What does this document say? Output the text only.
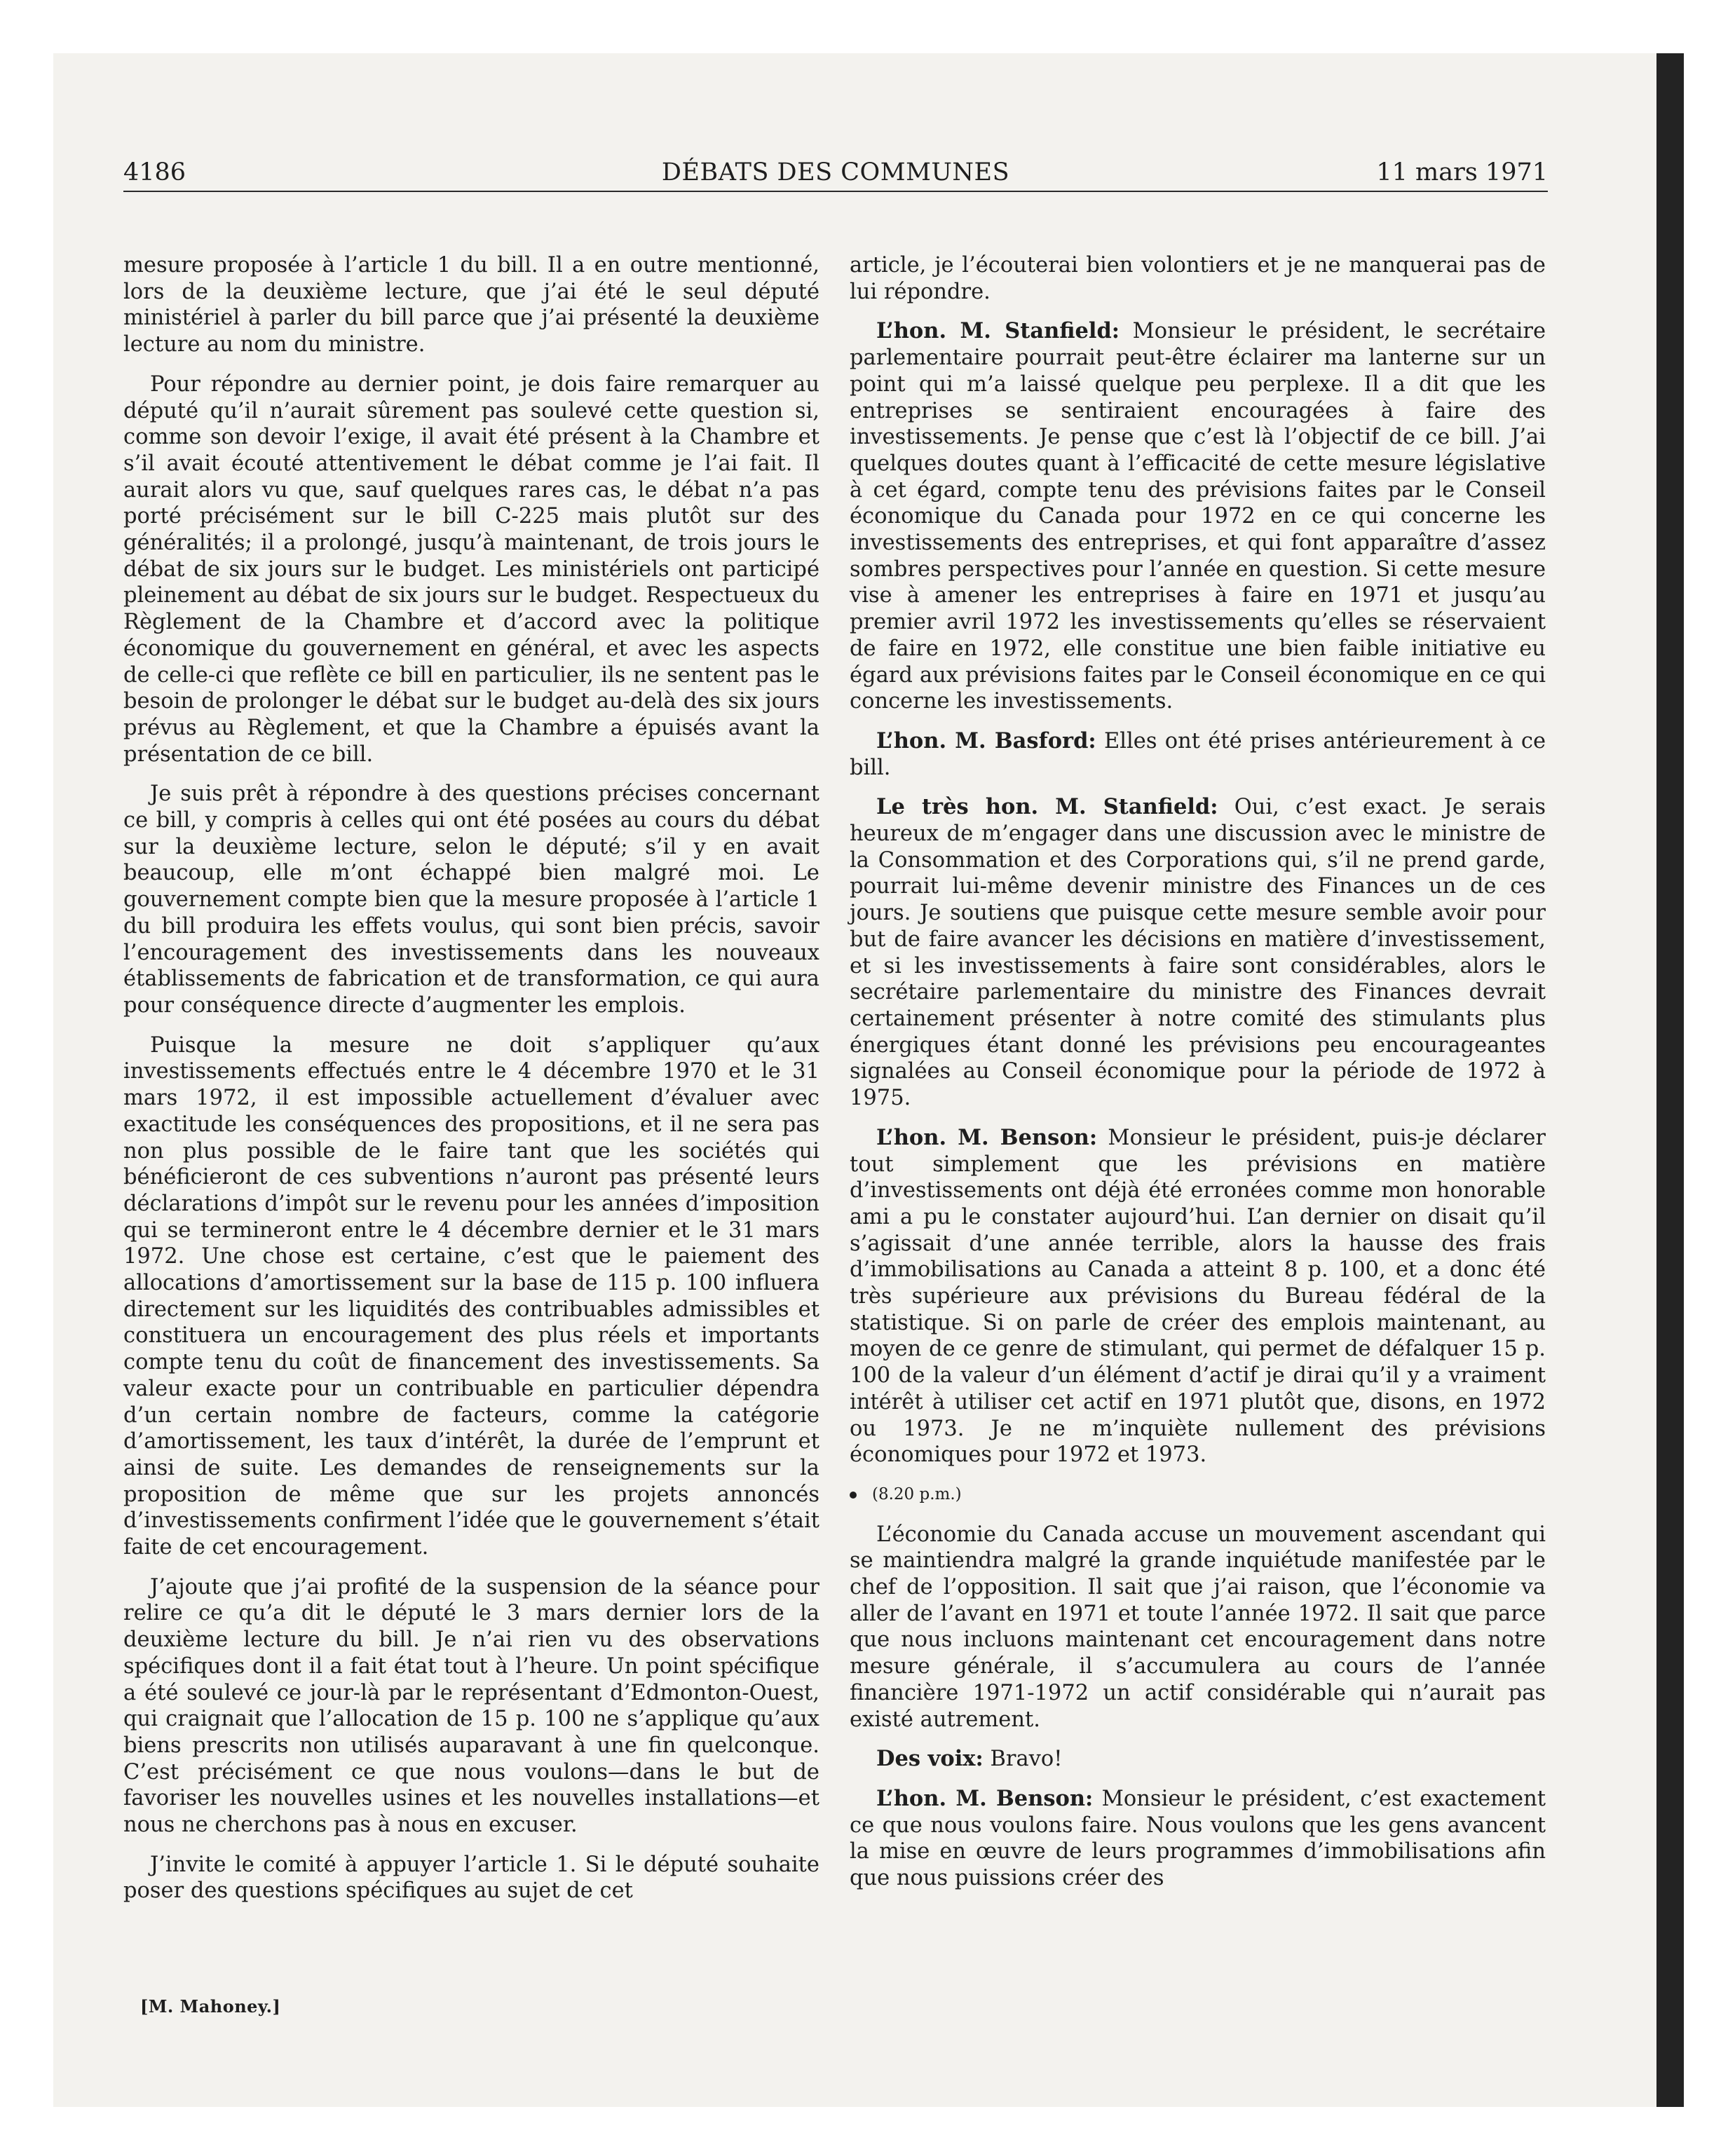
4186	DÉBATS DES COMMUNES	11 mars 1971

mesure proposée à l’article 1 du bill. Il a en outre mentionné, lors de la deuxième lecture, que j’ai été le seul député ministériel à parler du bill parce que j’ai présenté la deuxième lecture au nom du ministre.

Pour répondre au dernier point, je dois faire remarquer au député qu’il n’aurait sûrement pas soulevé cette question si, comme son devoir l’exige, il avait été présent à la Chambre et s’il avait écouté attentivement le débat comme je l’ai fait. Il aurait alors vu que, sauf quelques rares cas, le débat n’a pas porté précisément sur le bill C-225 mais plutôt sur des généralités; il a prolongé, jusqu’à maintenant, de trois jours le débat de six jours sur le budget. Les ministériels ont participé pleinement au débat de six jours sur le budget. Respectueux du Règlement de la Chambre et d’accord avec la politique économique du gouvernement en général, et avec les aspects de celle-ci que reflète ce bill en particulier, ils ne sentent pas le besoin de prolonger le débat sur le budget au-delà des six jours prévus au Règlement, et que la Chambre a épuisés avant la présentation de ce bill.

Je suis prêt à répondre à des questions précises concernant ce bill, y compris à celles qui ont été posées au cours du débat sur la deuxième lecture, selon le député; s’il y en avait beaucoup, elle m’ont échappé bien malgré moi. Le gouvernement compte bien que la mesure proposée à l’article 1 du bill produira les effets voulus, qui sont bien précis, savoir l’encouragement des investissements dans les nouveaux établissements de fabrication et de transformation, ce qui aura pour conséquence directe d’augmenter les emplois.

Puisque la mesure ne doit s’appliquer qu’aux investissements effectués entre le 4 décembre 1970 et le 31 mars 1972, il est impossible actuellement d’évaluer avec exactitude les conséquences des propositions, et il ne sera pas non plus possible de le faire tant que les sociétés qui bénéficieront de ces subventions n’auront pas présenté leurs déclarations d’impôt sur le revenu pour les années d’imposition qui se termineront entre le 4 décembre dernier et le 31 mars 1972. Une chose est certaine, c’est que le paiement des allocations d’amortissement sur la base de 115 p. 100 influera directement sur les liquidités des contribuables admissibles et constituera un encouragement des plus réels et importants compte tenu du coût de financement des investissements. Sa valeur exacte pour un contribuable en particulier dépendra d’un certain nombre de facteurs, comme la catégorie d’amortissement, les taux d’intérêt, la durée de l’emprunt et ainsi de suite. Les demandes de renseignements sur la proposition de même que sur les projets annoncés d’investissements confirment l’idée que le gouvernement s’était faite de cet encouragement.

J’ajoute que j’ai profité de la suspension de la séance pour relire ce qu’a dit le député le 3 mars dernier lors de la deuxième lecture du bill. Je n’ai rien vu des observations spécifiques dont il a fait état tout à l’heure. Un point spécifique a été soulevé ce jour-là par le représentant d’Edmonton-Ouest, qui craignait que l’allocation de 15 p. 100 ne s’applique qu’aux biens prescrits non utilisés auparavant à une fin quelconque. C’est précisément ce que nous voulons—dans le but de favoriser les nouvelles usines et les nouvelles installations—et nous ne cherchons pas à nous en excuser.

J’invite le comité à appuyer l’article 1. Si le député souhaite poser des questions spécifiques au sujet de cet

article, je l’écouterai bien volontiers et je ne manquerai pas de lui répondre.

L’hon. M. Stanfield: Monsieur le président, le secrétaire parlementaire pourrait peut-être éclairer ma lanterne sur un point qui m’a laissé quelque peu perplexe. Il a dit que les entreprises se sentiraient encouragées à faire des investissements. Je pense que c’est là l’objectif de ce bill. J’ai quelques doutes quant à l’efficacité de cette mesure législative à cet égard, compte tenu des prévisions faites par le Conseil économique du Canada pour 1972 en ce qui concerne les investissements des entreprises, et qui font apparaître d’assez sombres perspectives pour l’année en question. Si cette mesure vise à amener les entreprises à faire en 1971 et jusqu’au premier avril 1972 les investissements qu’elles se réservaient de faire en 1972, elle constitue une bien faible initiative eu égard aux prévisions faites par le Conseil économique en ce qui concerne les investissements.

L’hon. M. Basford: Elles ont été prises antérieurement à ce bill.

Le très hon. M. Stanfield: Oui, c’est exact. Je serais heureux de m’engager dans une discussion avec le ministre de la Consommation et des Corporations qui, s’il ne prend garde, pourrait lui-même devenir ministre des Finances un de ces jours. Je soutiens que puisque cette mesure semble avoir pour but de faire avancer les décisions en matière d’investissement, et si les investissements à faire sont considérables, alors le secrétaire parlementaire du ministre des Finances devrait certainement présenter à notre comité des stimulants plus énergiques étant donné les prévisions peu encourageantes signalées au Conseil économique pour la période de 1972 à 1975.

L’hon. M. Benson: Monsieur le président, puis-je déclarer tout simplement que les prévisions en matière d’investissements ont déjà été erronées comme mon honorable ami a pu le constater aujourd’hui. L’an dernier on disait qu’il s’agissait d’une année terrible, alors la hausse des frais d’immobilisations au Canada a atteint 8 p. 100, et a donc été très supérieure aux prévisions du Bureau fédéral de la statistique. Si on parle de créer des emplois maintenant, au moyen de ce genre de stimulant, qui permet de défalquer 15 p. 100 de la valeur d’un élément d’actif je dirai qu’il y a vraiment intérêt à utiliser cet actif en 1971 plutôt que, disons, en 1972 ou 1973. Je ne m’inquiète nullement des prévisions économiques pour 1972 et 1973.

(8.20 p.m.)

L’économie du Canada accuse un mouvement ascendant qui se maintiendra malgré la grande inquiétude manifestée par le chef de l’opposition. Il sait que j’ai raison, que l’économie va aller de l’avant en 1971 et toute l’année 1972. Il sait que parce que nous incluons maintenant cet encouragement dans notre mesure générale, il s’accumulera au cours de l’année financière 1971-1972 un actif considérable qui n’aurait pas existé autrement.

Des voix: Bravo!

L’hon. M. Benson: Monsieur le président, c’est exactement ce que nous voulons faire. Nous voulons que les gens avancent la mise en œuvre de leurs programmes d’immobilisations afin que nous puissions créer des

[M. Mahoney.]
